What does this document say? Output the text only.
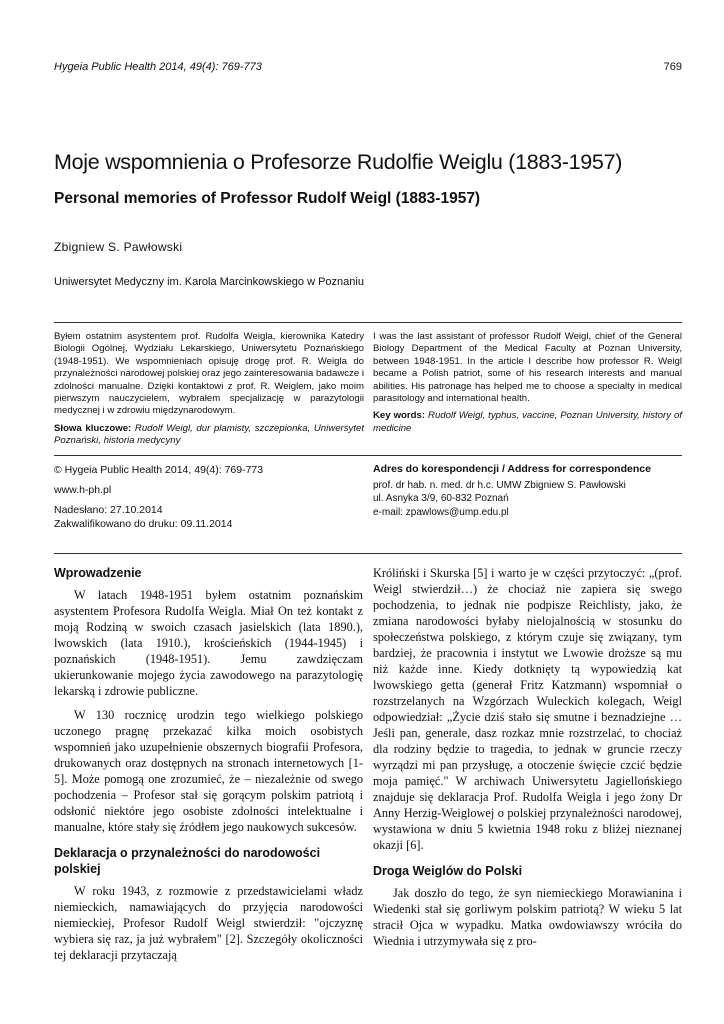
Hygeia Public Health 2014, 49(4): 769-773	769
Moje wspomnienia o Profesorze Rudolfie Weiglu (1883-1957)
Personal memories of Professor Rudolf Weigl (1883-1957)
Zbigniew S. Pawłowski
Uniwersytet Medyczny im. Karola Marcinkowskiego w Poznaniu
Byłem ostatnim asystentem prof. Rudolfa Weigla, kierownika Katedry Biologii Ogólnej, Wydziału Lekarskiego, Uniwersytetu Poznańskiego (1948-1951). We wspomnieniach opisuję drogę prof. R. Weigla do przynależności narodowej polskiej oraz jego zainteresowania badawcze i zdolności manualne. Dzięki kontaktowi z prof. R. Weiglem, jako moim pierwszym nauczycielem, wybrałem specjalizację w parazytologii medycznej i w zdrowiu międzynarodowym.
Słowa kluczowe: Rudolf Weigl, dur plamisty, szczepionka, Uniwersytet Poznański, historia medycyny
I was the last assistant of professor Rudolf Weigl, chief of the General Biology Department of the Medical Faculty at Poznan University, between 1948-1951. In the article I describe how professor R. Weigl became a Polish patriot, some of his research interests and manual abilities. His patronage has helped me to choose a specialty in medical parasitology and international health.
Key words: Rudolf Weigl, typhus, vaccine, Poznan University, history of medicine
© Hygeia Public Health 2014, 49(4): 769-773
www.h-ph.pl
Nadesłano: 27.10.2014
Zakwalifikowano do druku: 09.11.2014
Adres do korespondencji / Address for correspondence
prof. dr hab. n. med. dr h.c. UMW Zbigniew S. Pawłowski
ul. Asnyka 3/9, 60-832 Poznań
e-mail: zpawlows@ump.edu.pl
Wprowadzenie

W latach 1948-1951 byłem ostatnim poznańskim asystentem Profesora Rudolfa Weigla. Miał On też kontakt z moją Rodziną w swoich czasach jasielskich (lata 1890.), lwowskich (lata 1910.), krościeńskich (1944-1945) i poznańskich (1948-1951). Jemu zawdzięczam ukierunkowanie mojego życia zawodowego na parazytologię lekarską i zdrowie publiczne.

W 130 rocznicę urodzin tego wielkiego polskiego uczonego pragnę przekazać kilka moich osobistych wspomnień jako uzupełnienie obszernych biografii Profesora, drukowanych oraz dostępnych na stronach internetowych [1-5]. Może pomogą one zrozumieć, że – niezależnie od swego pochodzenia – Profesor stał się gorącym polskim patriotą i odsłonić niektóre jego osobiste zdolności intelektualne i manualne, które stały się źródłem jego naukowych sukcesów.

Deklaracja o przynależności do narodowości polskiej

W roku 1943, z rozmowie z przedstawicielami władz niemieckich, namawiających do przyjęcia narodowości niemieckiej, Profesor Rudolf Weigl stwierdził: "ojczyznę wybiera się raz, ja już wybrałem" [2]. Szczegóły okoliczności tej deklaracji przytaczają

Króliński i Skurska [5] i warto je w części przytoczyć: „(prof. Weigl stwierdził…) że chociaż nie zapiera się swego pochodzenia, to jednak nie podpisze Reichlisty, jako, że zmiana narodowości byłaby nielojalnością w stosunku do społeczeństwa polskiego, z którym czuje się związany, tym bardziej, że pracownia i instytut we Lwowie droższe są mu niż każde inne. Kiedy dotknięty tą wypowiedzią kat lwowskiego getta (generał Fritz Katzmann) wspomniał o rozstrzelanych na Wzgórzach Wuleckich kolegach, Weigl odpowiedział: „Życie dziś stało się smutne i beznadziejne … Jeśli pan, generale, dasz rozkaz mnie rozstrzelać, to chociaż dla rodziny będzie to tragedia, to jednak w gruncie rzeczy wyrządzi mi pan przysługę, a otoczenie święcie czcić będzie moja pamięć." W archiwach Uniwersytetu Jagiellońskiego znajduje się deklaracja Prof. Rudolfa Weigla i jego żony Dr Anny Herzig-Weiglowej o polskiej przynależności narodowej, wystawiona w dniu 5 kwietnia 1948 roku z bliżej nieznanej okazji [6].

Droga Weiglów do Polski

Jak doszło do tego, że syn niemieckiego Morawianina i Wiedenki stał się gorliwym polskim patriotą? W wieku 5 lat stracił Ojca w wypadku. Matka owdowiawszy wróciła do Wiednia i utrzymywała się z pro-
